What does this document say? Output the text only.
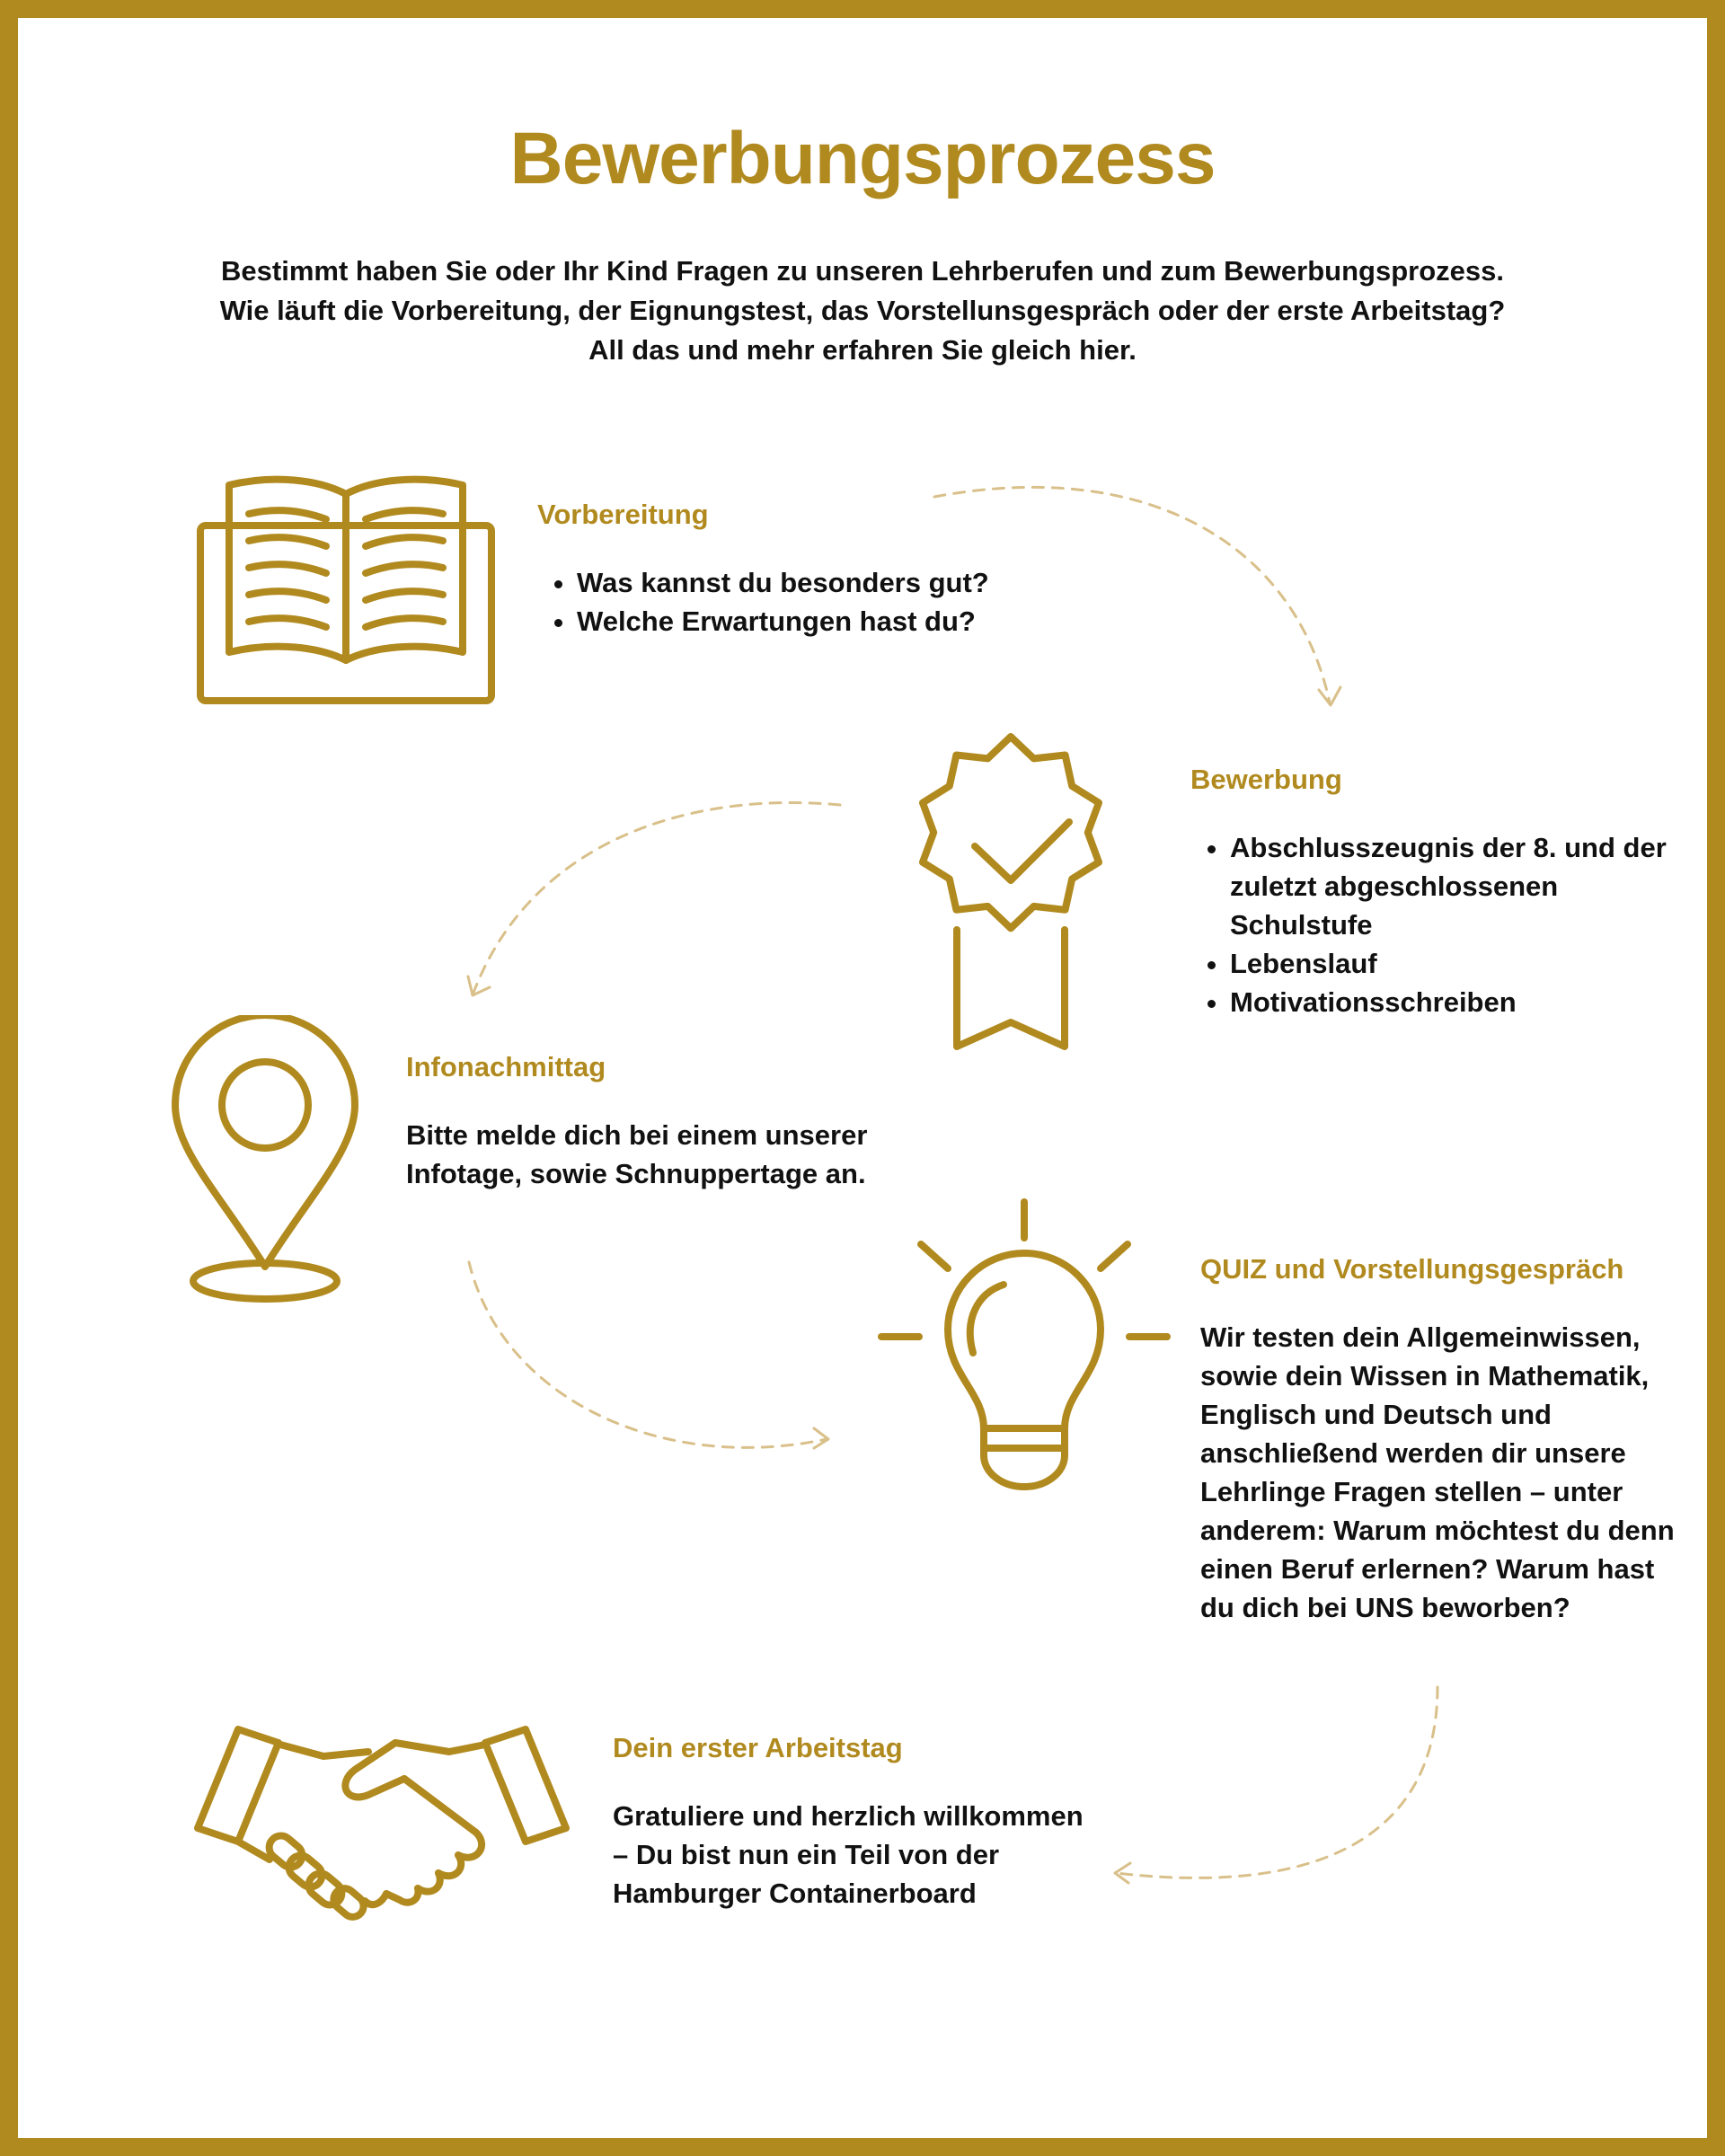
Bewerbungsprozess
Bestimmt haben Sie oder Ihr Kind Fragen zu unseren Lehrberufen und zum Bewerbungsprozess.
Wie läuft die Vorbereitung, der Eignungstest, das Vorstellunsgespräch oder der erste Arbeitstag?
All das und mehr erfahren Sie gleich hier.
Vorbereitung
• Was kannst du besonders gut?
• Welche Erwartungen hast du?
Bewerbung
• Abschlusszeugnis der 8. und der zuletzt abgeschlossenen Schulstufe
• Lebenslauf
• Motivationsschreiben
Infonachmittag

Bitte melde dich bei einem unserer

Infotage, sowie Schnuppertage an.

QUIZ und Vorstellungsgespräch

Wir testen dein Allgemeinwissen,

sowie dein Wissen in Mathematik,

Englisch und Deutsch und

anschließend werden dir unsere

Lehrlinge Fragen stellen – unter

anderem: Warum möchtest du denn

einen Beruf erlernen? Warum hast

du dich bei UNS beworben?

Dein erster Arbeitstag

Gratuliere und herzlich willkommen

– Du bist nun ein Teil von der

Hamburger Containerboard
